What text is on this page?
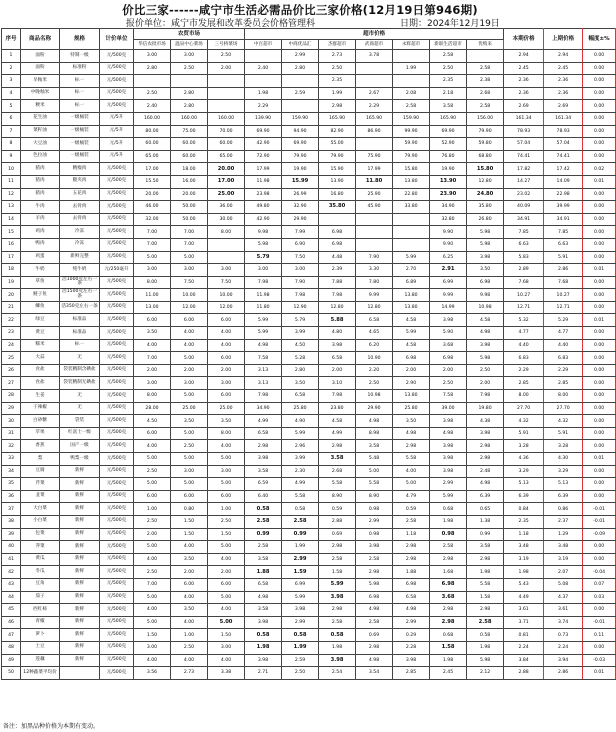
价比三家------咸宁市生活必需品价比三家价格(12月19日第946期)
报价单位：咸宁市发展和改革委员会价格管理科	日期：2024年12月19日
序号	商品名称	规格	计价单位	农贸市场			超市价格							本期价格	上期价格	幅度±%
				华信农批市场	温泉中心菜场	三号桥菜场	中百超市	中商优品汇	杰群超市	武商超市	永辉超市	新联生活超市	优购来			
1	面粉	特制一级	元/500克	3.00	3.00	2.50		2.99	2.73	3.78		2.58		2.94	2.94	0.00
2	面粉	标准粉	元/500克	2.80	2.50	2.00	2.40	2.80	2.50		1.99	2.50	2.58	2.45	2.45	0.00
3	早籼米	标一	元/500克						2.35			2.35	2.38	2.36	2.36	0.00
4	中晚籼米	标一	元/500克	2.50	2.80		1.98	2.59	1.99	2.67	2.08	2.18	2.68	2.36	2.36	0.00
5	粳米	标一	元/500克	2.40	2.80		2.29		2.98	2.29	2.58	3.58	2.58	2.69	2.69	0.00
6	花生油	一级桶装	元/5升	160.00	160.00	160.00	139.90	159.90	165.90	165.90	159.90	165.90	156.00	161.34	161.34	0.00
7	菜籽油	一级桶装	元/5升	80.00	75.00	70.00	69.90	94.90	82.90	86.90	99.90	69.90	79.90	78.93	78.93	0.00
8	大豆油	一级桶装	元/5升	60.00	60.00	60.00	42.90	69.90	55.00		59.90	52.90	59.80	57.04	57.04	0.00
9	色拉油	一级桶装	元/5升	65.00	60.00	65.00	72.90	79.90	79.90	75.90	79.90	76.80	68.80	74.41	74.41	0.00
10	猪肉	精瘦肉	元/500克	17.00	18.00	20.00	17.99	19.90	15.90	17.99	15.80	19.90	15.80	17.82	17.42	0.02
11	猪肉	腿夹肉	元/500克	15.50	16.00	17.00	11.98	15.99	13.90	11.80	13.80	13.90	12.80	14.27	14.09	0.01
12	猪肉	五花肉	元/500克	20.00	20.00	25.00	23.98	26.99	16.80	25.90	22.80	23.90	24.80	23.02	22.98	0.00
13	牛肉	去骨肉	元/500克	46.00	50.00	36.00	49.80	32.90	35.80	45.90	33.80	34.90	35.80	40.09	39.99	0.00
14	羊肉	去骨肉	元/500克	32.00	50.00	30.00	42.90	29.90				32.80	26.80	34.91	34.91	0.00
15	鸡肉	冷冻	元/500克	7.00	7.00	8.00	9.98	7.99	6.98			9.90	5.98	7.85	7.85	0.00
16	鸭肉	冷冻	元/500克	7.00	7.00		5.98	6.90	6.98			9.90	5.98	6.63	6.63	0.00
17	鸡蛋	新鲜完整	元/500克	5.00	5.00		5.79	7.50	4.48	7.90	5.99	6.25	3.98	5.83	5.91	0.00
18	牛奶	纯牛奶	元/250毫升	3.00	3.00	3.00	3.00	3.00	2.39	3.30	2.70	2.91	3.50	2.89	2.86	0.01
19	草鱼	活1000克左右一条	元/500克	8.00	7.50	7.50	7.98	7.90	7.88	7.80	6.89	6.99	6.98	7.68	7.68	0.00
20	鲢子鱼	活1500克左右一条	元/500克	11.00	10.00	10.00	11.98	7.98	7.98	9.99	13.80	9.99	9.98	10.27	10.27	0.00
21	鲫鱼	活350克左右一条	元/500克	13.00	12.00	12.00	11.80	12.90	12.80	12.80	13.80	14.99	10.98	12.71	12.71	0.00
22	绿豆	标准品	元/500克	6.00	6.00	6.00	5.99	5.79	5.88	6.58	4.58	3.98	4.58	5.32	5.29	0.01
23	黄豆	标准品	元/500克	3.50	4.00	4.00	5.99	3.99	4.80	4.65	5.99	5.90	4.98	4.77	4.77	0.00
24	糯米	标一	元/500克	4.00	4.00	4.00	4.98	4.50	3.98	6.20	4.58	3.68	3.98	4.40	4.40	0.00
25	大蒜	无	元/500克	7.00	5.00	6.00	7.58	5.28	6.58	10.90	6.98	6.98	5.98	6.83	6.83	0.00
26	食盐	袋装精制含碘盐	元/500克	2.00	2.00	2.00	3.13	2.80	2.00	2.20	2.00	2.00	2.50	2.29	2.29	0.00
27	食盐	袋装精制无碘盐	元/500克	3.00	3.00	3.00	3.13	3.50	3.10	2.50	2.90	2.50	2.00	2.85	2.85	0.00
28	生姜	无	元/500克	8.00	5.00	6.00	7.98	6.58	7.98	10.98	13.80	7.58	7.98	8.00	8.00	0.00
29	干辣椒	无	元/500克	28.00	25.00	25.00	34.90	25.80	23.80	29.90	25.80	39.00	19.80	27.70	27.70	0.00
30	白砂糖	袋装	元/500克	4.50	3.50	3.50	4.99	4.90	4.58	4.98	3.50	3.98	4.38	4.32	4.32	0.00
31	苹果	红富士一级	元/500克	6.00	5.00	8.00	6.58	5.99	4.99	8.98	4.98	4.98	3.98	5.91	5.91	0.00
32	香蕉	国产一级	元/500克	4.00	2.50	4.00	2.98	2.96	2.98	3.58	2.98	3.98	2.98	3.28	3.28	0.00
33	梨	鸭梨一级	元/500克	5.00	5.00	5.00	3.98	3.99	3.58	5.48	5.58	3.98	2.98	4.36	4.30	0.01
34	豆腐	新鲜	元/500克	2.50	3.00	3.00	3.58	2.30	2.68	5.00	4.00	3.98	2.48	3.29	3.29	0.00
35	芹菜	新鲜	元/500克	5.00	5.00	5.00	6.59	4.99	5.58	5.58	5.00	2.99	4.98	5.13	5.13	0.00
36	韭菜	新鲜	元/500克	6.00	6.00	6.00	6.40	5.58	8.90	8.90	4.79	5.99	6.39	6.39	6.39	0.00
37	大白菜	新鲜	元/500克	1.00	0.80	1.00	0.58	0.58	0.59	0.98	0.59	0.68	0.65	0.84	0.86	-0.01
38	小白菜	新鲜	元/500克	2.50	1.50	2.50	2.58	2.58	2.88	2.99	2.58	1.98	1.38	2.35	2.37	-0.01
39	包菜	新鲜	元/500克	2.00	1.50	1.50	0.99	0.99	0.69	0.98	1.18	0.98	0.99	1.18	1.29	-0.09
40	荠菜	新鲜	元/500克	5.00	4.00	5.00	2.58	1.99	2.98	3.98	2.98	2.58	3.58	3.48	3.48	0.00
41	黄瓜	新鲜	元/500克	4.00	3.50	4.00	3.58	2.99	2.58	2.58	2.98	2.98	2.98	3.19	3.19	0.00
42	冬瓜	新鲜	元/500克	2.50	2.00	2.00	1.88	1.59	1.58	2.98	1.88	1.68	1.98	1.98	2.07	-0.04
43	豆角	新鲜	元/500克	7.00	6.00	6.00	6.58	6.99	5.99	5.98	6.98	6.98	5.58	5.43	5.08	0.07
44	茄子	新鲜	元/500克	5.00	4.00	5.00	4.98	5.99	3.98	6.98	6.58	3.68	1.58	4.49	4.37	0.03
45	西红柿	新鲜	元/500克	4.00	3.50	4.00	3.58	3.98	2.98	4.98	4.98	2.98	2.98	3.61	3.61	0.00
46	青椒	新鲜	元/500克	5.00	4.00	5.00	3.98	2.99	2.58	2.58	2.99	2.98	2.58	3.71	3.74	-0.01
47	萝卜	新鲜	元/500克	1.50	1.00	1.50	0.58	0.58	0.58	0.69	0.29	0.68	0.58	0.81	0.73	0.11
48	土豆	新鲜	元/500克	3.00	2.50	3.00	1.98	1.99	1.98	2.98	2.28	1.58	1.98	2.24	2.24	0.00
49	莲藕	新鲜	元/500克	4.00	4.00	4.00	3.98	2.59	3.98	4.98	3.98	1.98	5.98	3.84	3.94	-0.03
50	12种蔬菜平均价		元/500克	3.56	2.73	3.38	2.71	2.50	2.54	3.54	2.85	2.45	2.12	2.88	2.86	0.01
备注：加黑品种价格为本期有变动。
